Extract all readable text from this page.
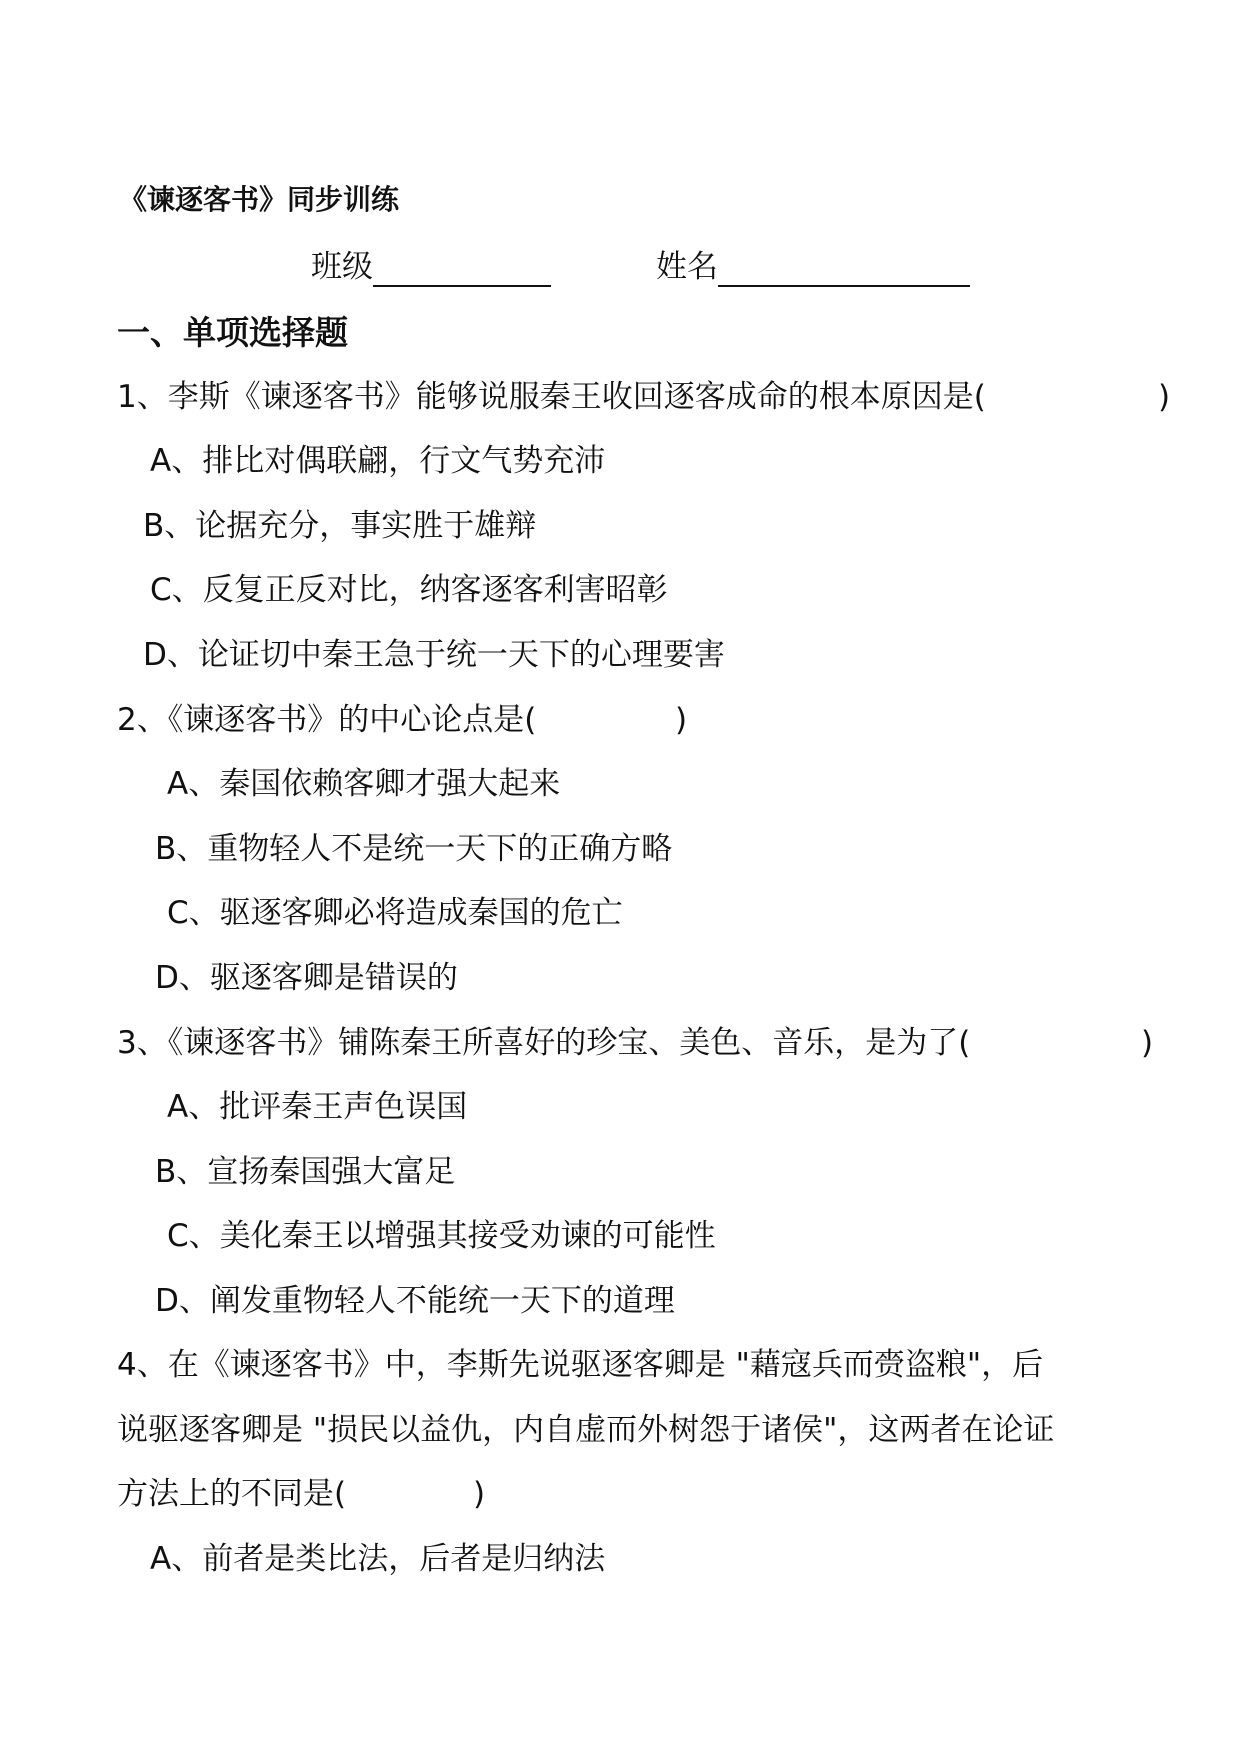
《谏逐客书》同步训练
班级	姓名
一、单项选择题
1、李斯《谏逐客书》能够说服秦王收回逐客成命的根本原因是(	)
A、排比对偶联翩，行文气势充沛
B、论据充分，事实胜于雄辩
C、反复正反对比，纳客逐客利害昭彰
D、论证切中秦王急于统一天下的心理要害
2、《谏逐客书》的中心论点是(	)
A、秦国依赖客卿才强大起来
B、重物轻人不是统一天下的正确方略
C、驱逐客卿必将造成秦国的危亡
D、驱逐客卿是错误的
3、《谏逐客书》铺陈秦王所喜好的珍宝、美色、音乐，是为了(	)
A、批评秦王声色误国
B、宣扬秦国强大富足
C、美化秦王以增强其接受劝谏的可能性
D、阐发重物轻人不能统一天下的道理
4、在《谏逐客书》中，李斯先说驱逐客卿是 "藉寇兵而赍盗粮"，后
说驱逐客卿是 "损民以益仇，内自虚而外树怨于诸侯"，这两者在论证
方法上的不同是(	)
A、前者是类比法，后者是归纳法
